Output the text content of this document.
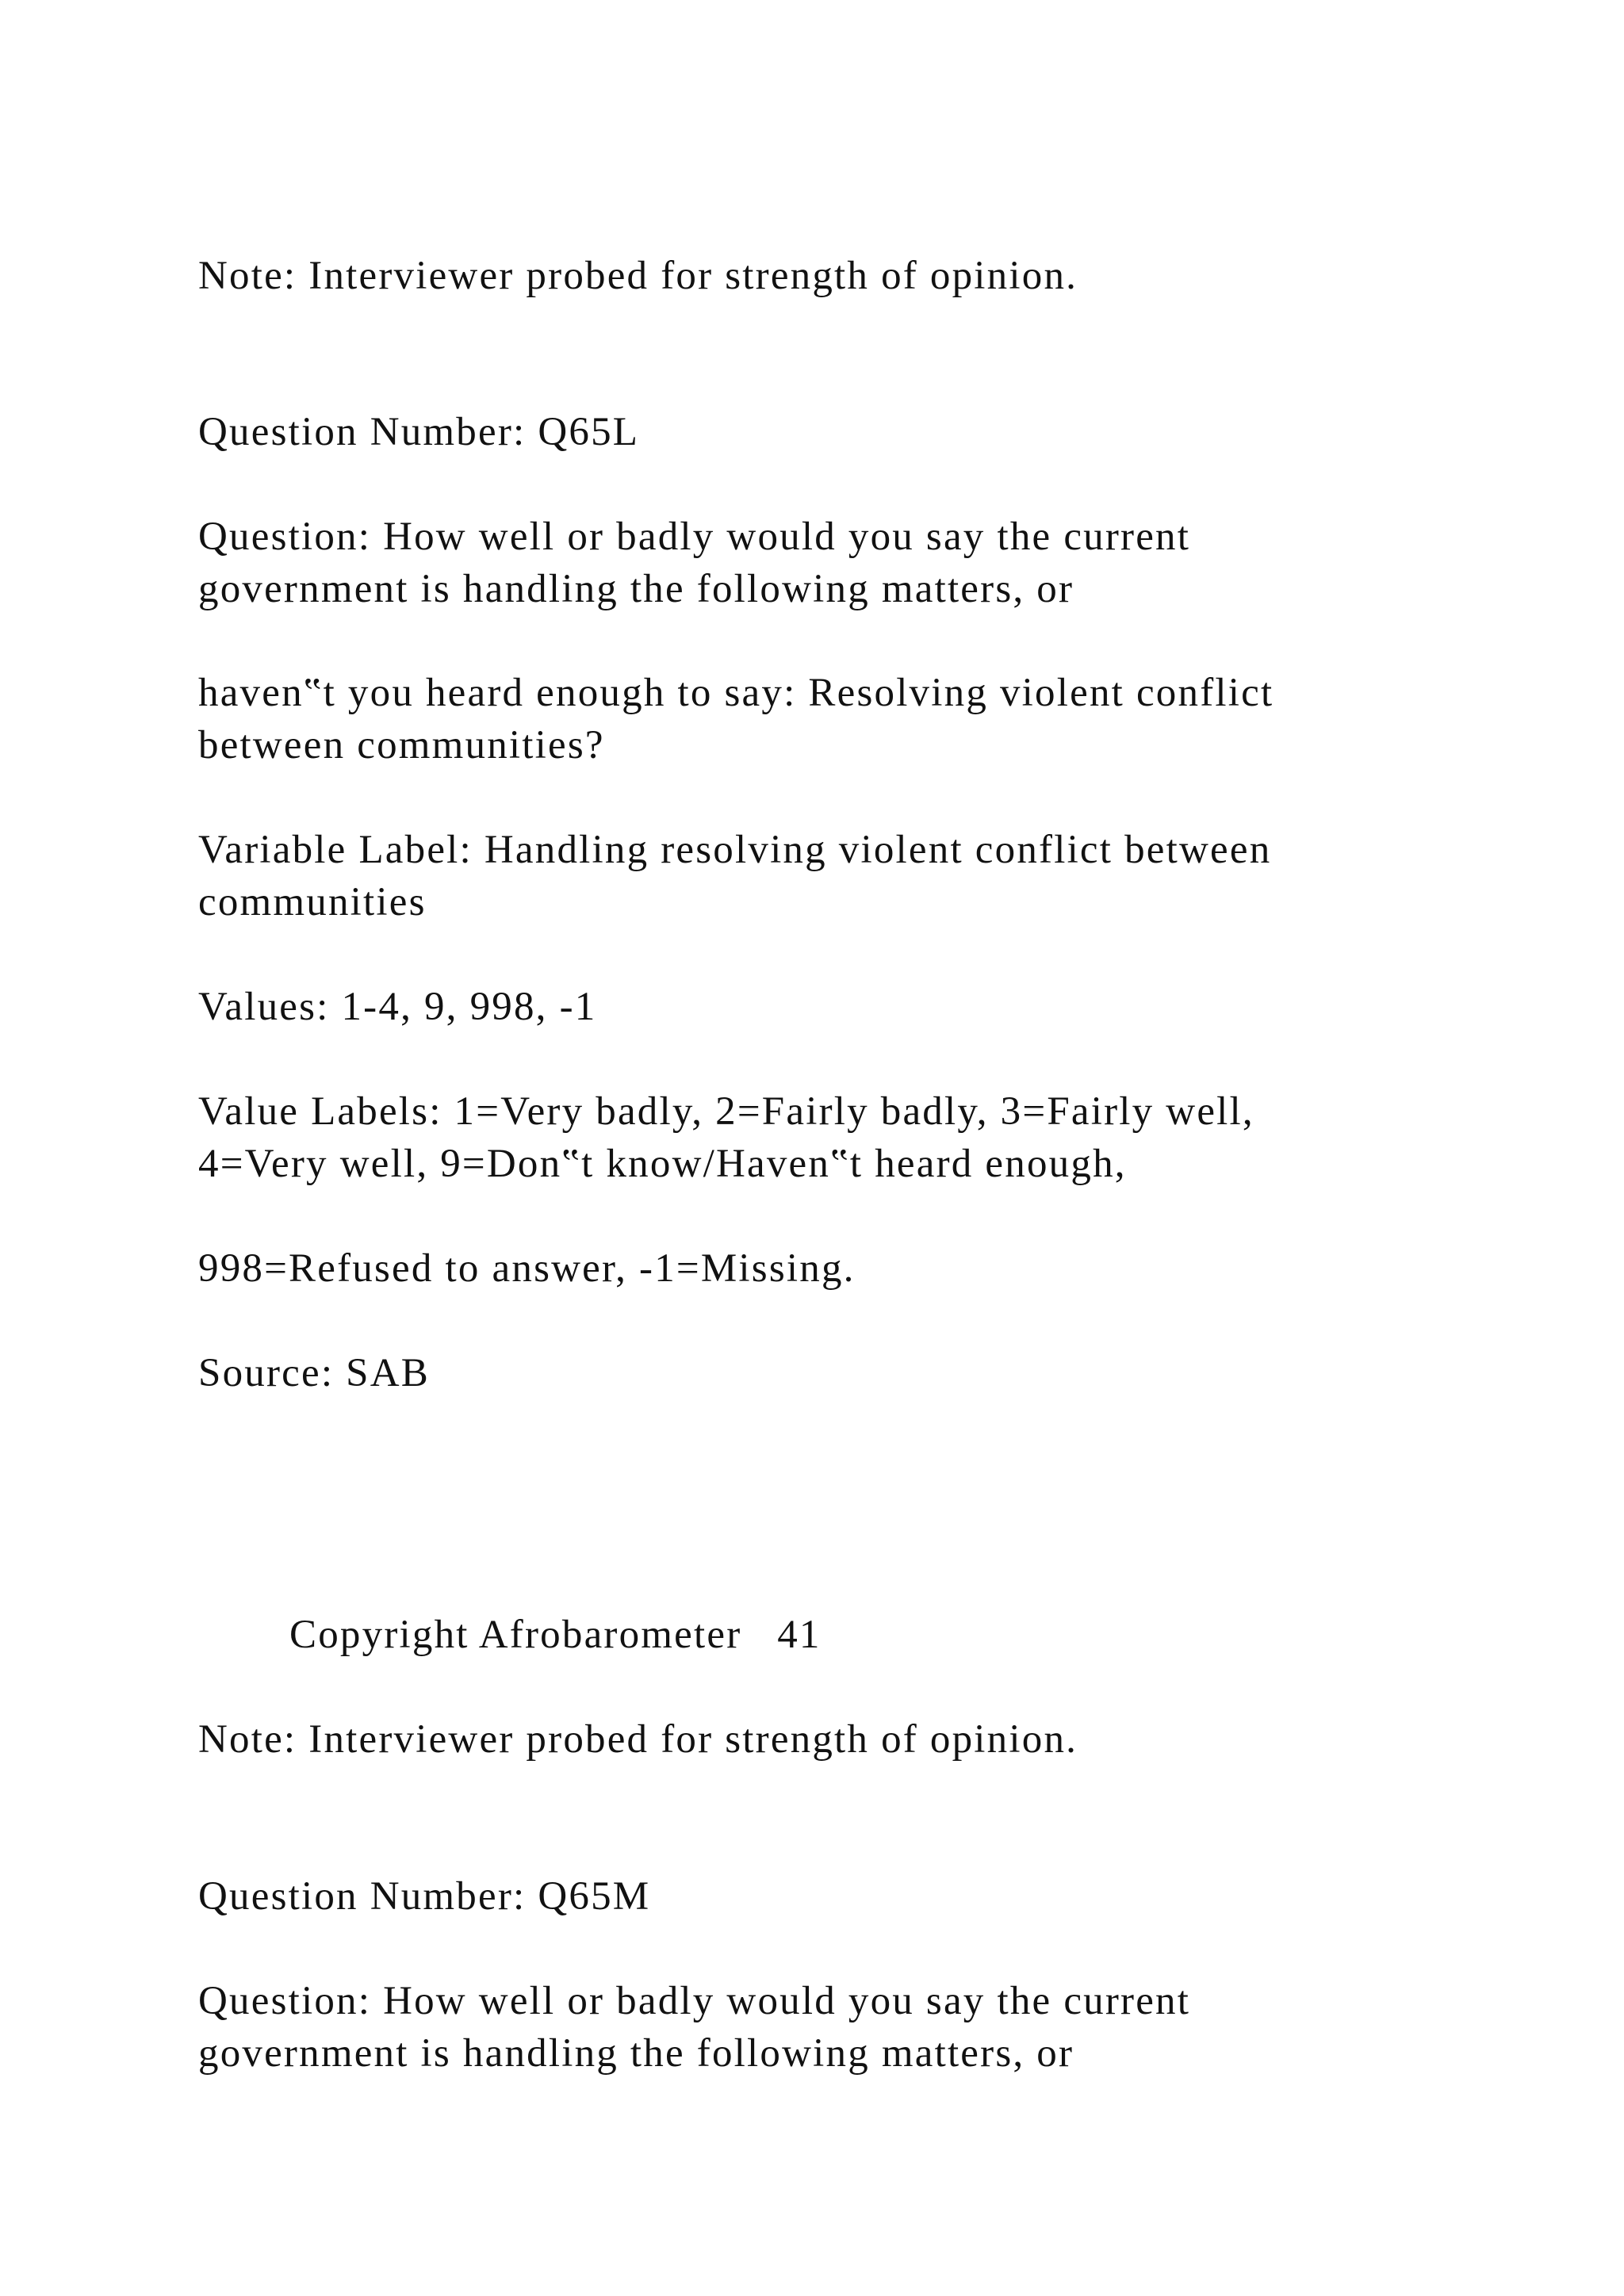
Note: Interviewer probed for strength of opinion.

Question Number: Q65L

Question: How well or badly would you say the current

government is handling the following matters, or

haven‟t you heard enough to say: Resolving violent conflict

between communities?

Variable Label: Handling resolving violent conflict between

communities

Values: 1-4, 9, 998, -1

Value Labels: 1=Very badly, 2=Fairly badly, 3=Fairly well,

4=Very well, 9=Don‟t know/Haven‟t heard enough,

998=Refused to answer, -1=Missing.

Source: SAB

Copyright Afrobarometer   41

Note: Interviewer probed for strength of opinion.

Question Number: Q65M

Question: How well or badly would you say the current

government is handling the following matters, or
